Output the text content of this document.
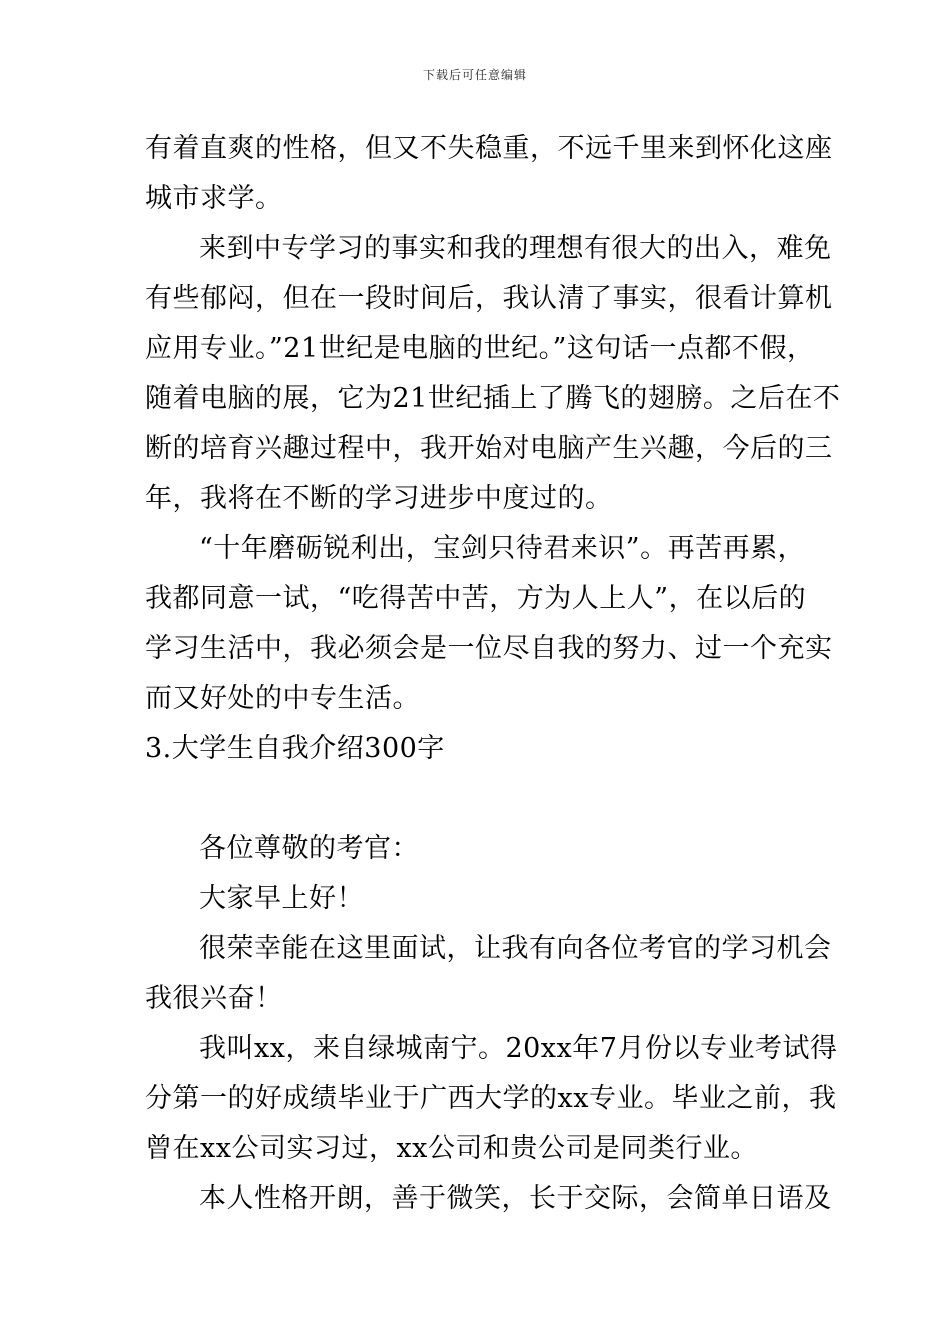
下载后可任意编辑
有着直爽的性格，但又不失稳重，不远千里来到怀化这座
城市求学。
来到中专学习的事实和我的理想有很大的出入，难免
有些郁闷，但在一段时间后，我认清了事实，很看计算机
应用专业。”21世纪是电脑的世纪。”这句话一点都不假，
随着电脑的展，它为21世纪插上了腾飞的翅膀。之后在不
断的培育兴趣过程中，我开始对电脑产生兴趣，今后的三
年，我将在不断的学习进步中度过的。
“十年磨砺锐利出，宝剑只待君来识”。再苦再累，
我都同意一试，“吃得苦中苦，方为人上人”，在以后的
学习生活中，我必须会是一位尽自我的努力、过一个充实
而又好处的中专生活。
3.大学生自我介绍300字
各位尊敬的考官：
大家早上好！
很荣幸能在这里面试，让我有向各位考官的学习机会
我很兴奋！
我叫xx，来自绿城南宁。20xx年7月份以专业考试得
分第一的好成绩毕业于广西大学的xx专业。毕业之前，我
曾在xx公司实习过，xx公司和贵公司是同类行业。
本人性格开朗，善于微笑，长于交际，会简单日语及
